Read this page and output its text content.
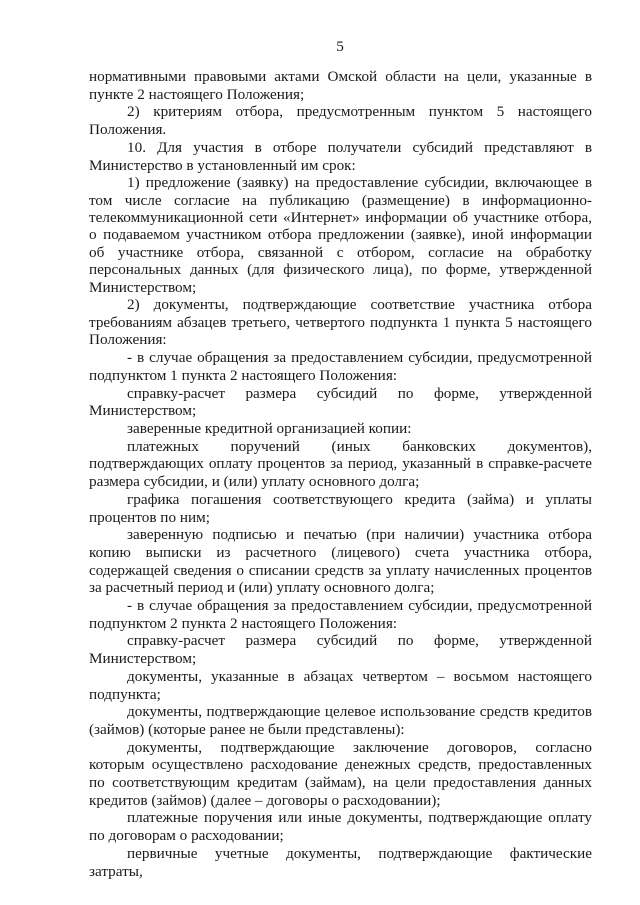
5

нормативными правовыми актами Омской области на цели, указанные в пункте 2 настоящего Положения;

2) критериям отбора, предусмотренным пунктом 5 настоящего Положения.

10. Для участия в отборе получатели субсидий представляют в Министерство в установленный им срок:

1) предложение (заявку) на предоставление субсидии, включающее в том числе согласие на публикацию (размещение) в информационно-телекоммуникационной сети «Интернет» информации об участнике отбора, о подаваемом участником отбора предложении (заявке), иной информации об участнике отбора, связанной с отбором, согласие на обработку персональных данных (для физического лица), по форме, утвержденной Министерством;

2) документы, подтверждающие соответствие участника отбора требованиям абзацев третьего, четвертого подпункта 1 пункта 5 настоящего Положения:

- в случае обращения за предоставлением субсидии, предусмотренной подпунктом 1 пункта 2 настоящего Положения:

справку-расчет размера субсидий по форме, утвержденной Министерством;

заверенные кредитной организацией копии:

платежных поручений (иных банковских документов), подтверждающих оплату процентов за период, указанный в справке-расчете размера субсидии, и (или) уплату основного долга;

графика погашения соответствующего кредита (займа) и уплаты процентов по ним;

заверенную подписью и печатью (при наличии) участника отбора копию выписки из расчетного (лицевого) счета участника отбора, содержащей сведения о списании средств за уплату начисленных процентов за расчетный период и (или) уплату основного долга;

- в случае обращения за предоставлением субсидии, предусмотренной подпунктом 2 пункта 2 настоящего Положения:

справку-расчет размера субсидий по форме, утвержденной Министерством;

документы, указанные в абзацах четвертом – восьмом настоящего подпункта;

документы, подтверждающие целевое использование средств кредитов (займов) (которые ранее не были представлены):

документы, подтверждающие заключение договоров, согласно которым осуществлено расходование денежных средств, предоставленных по соответствующим кредитам (займам), на цели предоставления данных кредитов (займов) (далее – договоры о расходовании);

платежные поручения или иные документы, подтверждающие оплату по договорам о расходовании;

первичные учетные документы, подтверждающие фактические затраты,
